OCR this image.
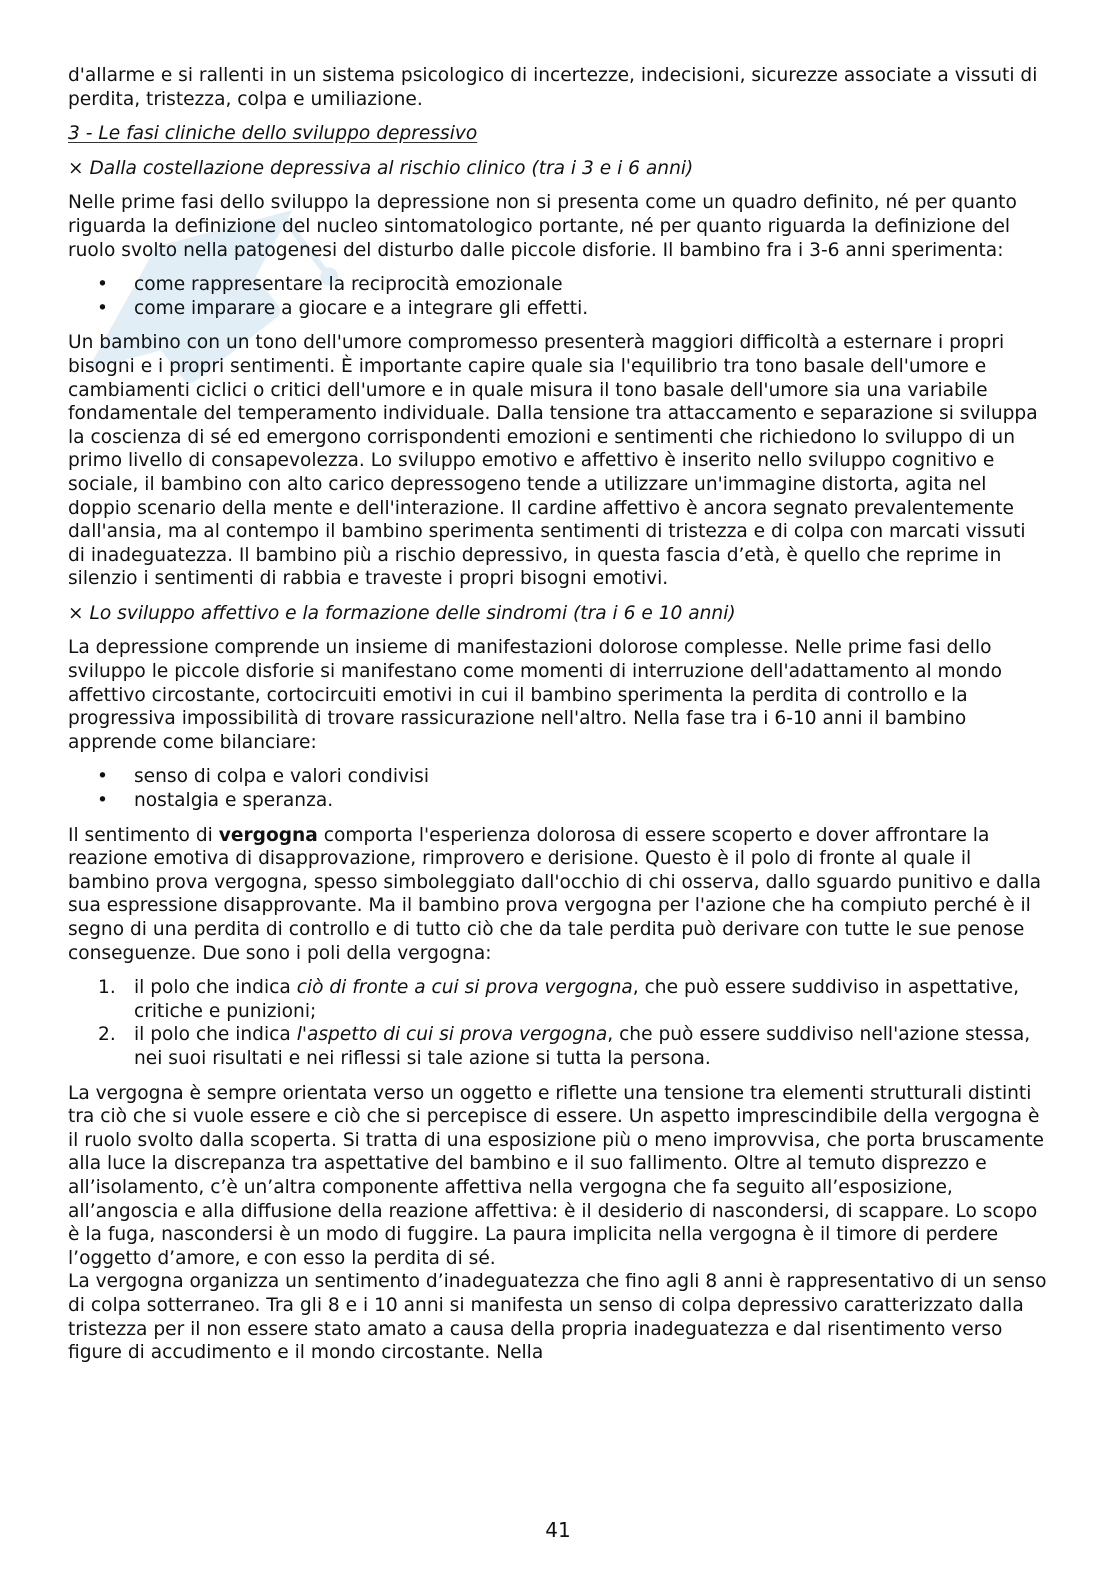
d'allarme e si rallenti in un sistema psicologico di incertezze, indecisioni, sicurezze associate a vissuti di perdita, tristezza, colpa e umiliazione.

3 - Le fasi cliniche dello sviluppo depressivo
× Dalla costellazione depressiva al rischio clinico (tra i 3 e i 6 anni)

Nelle prime fasi dello sviluppo la depressione non si presenta come un quadro definito, né per quanto riguarda la definizione del nucleo sintomatologico portante, né per quanto riguarda la definizione del ruolo svolto nella patogenesi del disturbo dalle piccole disforie. Il bambino fra i 3-6 anni sperimenta:

• come rappresentare la reciprocità emozionale
• come imparare a giocare e a integrare gli effetti.

Un bambino con un tono dell'umore compromesso presenterà maggiori difficoltà a esternare i propri bisogni e i propri sentimenti. È importante capire quale sia l'equilibrio tra tono basale dell'umore e cambiamenti ciclici o critici dell'umore e in quale misura il tono basale dell'umore sia una variabile fondamentale del temperamento individuale. Dalla tensione tra attaccamento e separazione si sviluppa la coscienza di sé ed emergono corrispondenti emozioni e sentimenti che richiedono lo sviluppo di un primo livello di consapevolezza. Lo sviluppo emotivo e affettivo è inserito nello sviluppo cognitivo e sociale, il bambino con alto carico depressogeno tende a utilizzare un'immagine distorta, agita nel doppio scenario della mente e dell'interazione. Il cardine affettivo è ancora segnato prevalentemente dall'ansia, ma al contempo il bambino sperimenta sentimenti di tristezza e di colpa con marcati vissuti di inadeguatezza. Il bambino più a rischio depressivo, in questa fascia d’età, è quello che reprime in silenzio i sentimenti di rabbia e traveste i propri bisogni emotivi.

× Lo sviluppo affettivo e la formazione delle sindromi (tra i 6 e 10 anni)

La depressione comprende un insieme di manifestazioni dolorose complesse. Nelle prime fasi dello sviluppo le piccole disforie si manifestano come momenti di interruzione dell'adattamento al mondo affettivo circostante, cortocircuiti emotivi in cui il bambino sperimenta la perdita di controllo e la progressiva impossibilità di trovare rassicurazione nell'altro. Nella fase tra i 6-10 anni il bambino apprende come bilanciare:

• senso di colpa e valori condivisi
• nostalgia e speranza.

Il sentimento di vergogna comporta l'esperienza dolorosa di essere scoperto e dover affrontare la reazione emotiva di disapprovazione, rimprovero e derisione. Questo è il polo di fronte al quale il bambino prova vergogna, spesso simboleggiato dall'occhio di chi osserva, dallo sguardo punitivo e dalla sua espressione disapprovante. Ma il bambino prova vergogna per l'azione che ha compiuto perché è il segno di una perdita di controllo e di tutto ciò che da tale perdita può derivare con tutte le sue penose conseguenze. Due sono i poli della vergogna:

1. il polo che indica ciò di fronte a cui si prova vergogna, che può essere suddiviso in aspettative, critiche e punizioni;
2. il polo che indica l'aspetto di cui si prova vergogna, che può essere suddiviso nell'azione stessa, nei suoi risultati e nei riflessi si tale azione si tutta la persona.

La vergogna è sempre orientata verso un oggetto e riflette una tensione tra elementi strutturali distinti tra ciò che si vuole essere e ciò che si percepisce di essere. Un aspetto imprescindibile della vergogna è il ruolo svolto dalla scoperta. Si tratta di una esposizione più o meno improvvisa, che porta bruscamente alla luce la discrepanza tra aspettative del bambino e il suo fallimento. Oltre al temuto disprezzo e all’isolamento, c’è un’altra componente affettiva nella vergogna che fa seguito all’esposizione, all’angoscia e alla diffusione della reazione affettiva: è il desiderio di nascondersi, di scappare. Lo scopo è la fuga, nascondersi è un modo di fuggire. La paura implicita nella vergogna è il timore di perdere l’oggetto d’amore, e con esso la perdita di sé.

La vergogna organizza un sentimento d’inadeguatezza che fino agli 8 anni è rappresentativo di un senso di colpa sotterraneo. Tra gli 8 e i 10 anni si manifesta un senso di colpa depressivo caratterizzato dalla tristezza per il non essere stato amato a causa della propria inadeguatezza e dal risentimento verso figure di accudimento e il mondo circostante. Nella

41
